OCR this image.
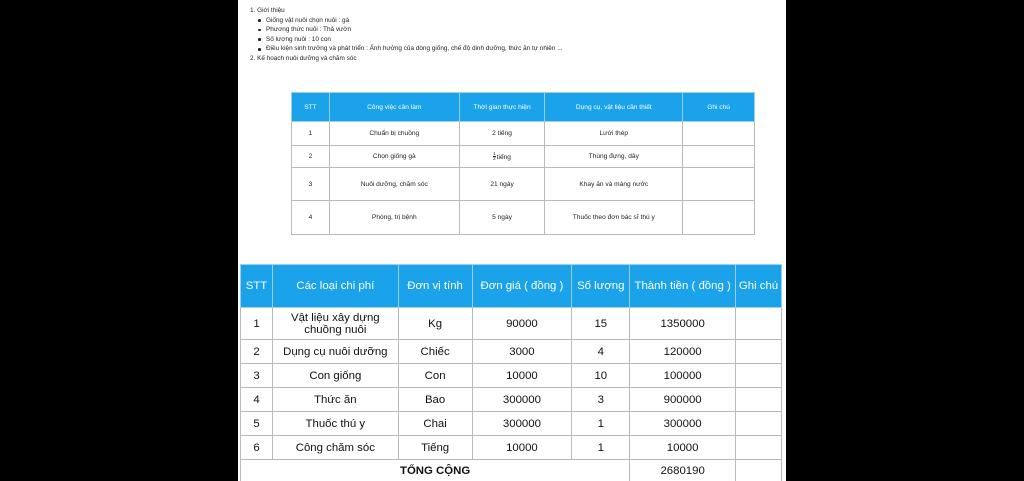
1. Giới thiệu
Giống vật nuôi chọn nuôi : gà
Phương thức nuôi : Thả vườn
Số lượng nuôi : 10 con
Điều kiện sinh trưởng và phát triển : Ảnh hưởng của dòng giống, chế độ dinh dưỡng, thức ăn tự nhiên ...
2. Kế hoạch nuôi dưỡng và chăm sóc
STT	Công việc cần làm	Thời gian thực hiện	Dụng cụ, vật liệu cần thiết	Ghi chú
1	Chuẩn bị chuồng	2 tiếng	Lưới thép	
2	Chọn giống gà	$\frac{1}{2}$ tiếng	Thùng đựng, dây	
3	Nuôi dưỡng, chăm sóc	21 ngày	Khay ăn và máng nước	
4	Phòng, trị bệnh	5 ngày	Thuốc theo đơn bác sĩ thú y	
STT	Các loại chi phí	Đơn vị tính	Đơn giá ( đồng )	Số lượng	Thành tiền ( đồng )	Ghi chú
1	Vật liệu xây dựng chuồng nuôi	Kg	90000	15	1350000	
2	Dụng cụ nuôi dưỡng	Chiếc	3000	4	120000	
3	Con giống	Con	10000	10	100000	
4	Thức ăn	Bao	300000	3	900000	
5	Thuốc thú y	Chai	300000	1	300000	
6	Công chăm sóc	Tiếng	10000	1	10000	
TỔNG CỘNG					2680190	
